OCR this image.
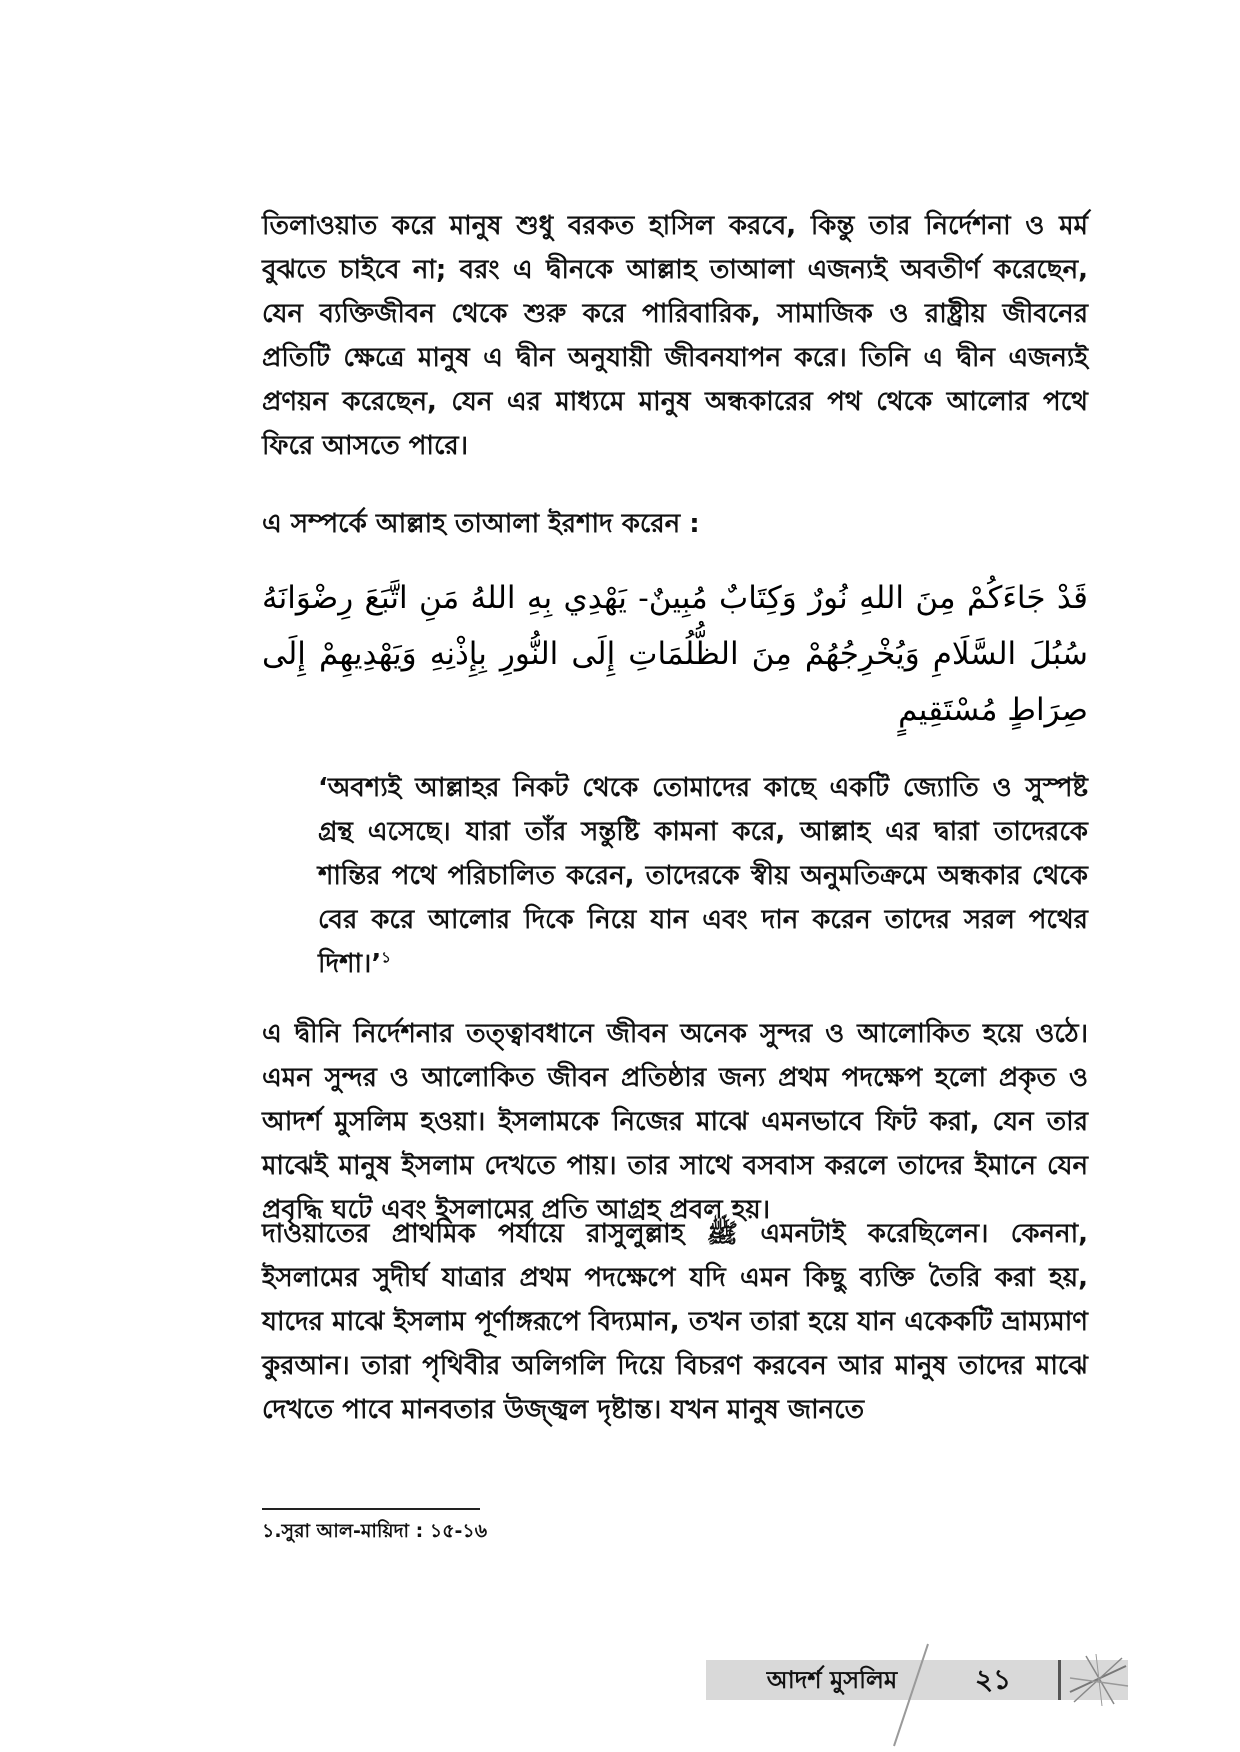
তিলাওয়াত করে মানুষ শুধু বরকত হাসিল করবে, কিন্তু তার নির্দেশনা ও মর্ম বুঝতে চাইবে না; বরং এ দ্বীনকে আল্লাহ তাআলা এজন্যই অবতীর্ণ করেছেন, যেন ব্যক্তিজীবন থেকে শুরু করে পারিবারিক, সামাজিক ও রাষ্ট্রীয় জীবনের প্রতিটি ক্ষেত্রে মানুষ এ দ্বীন অনুযায়ী জীবনযাপন করে। তিনি এ দ্বীন এজন্যই প্রণয়ন করেছেন, যেন এর মাধ্যমে মানুষ অন্ধকারের পথ থেকে আলোর পথে ফিরে আসতে পারে।

এ সম্পর্কে আল্লাহ তাআলা ইরশাদ করেন :

قَدْ جَاءَكُمْ مِنَ اللهِ نُورٌ وَكِتَابٌ مُبِينٌ- يَهْدِي بِهِ اللهُ مَنِ اتَّبَعَ رِضْوَانَهُ سُبُلَ السَّلَامِ وَيُخْرِجُهُمْ مِنَ الظُّلُمَاتِ إِلَى النُّورِ بِإِذْنِهِ وَيَهْدِيهِمْ إِلَى صِرَاطٍ مُسْتَقِيمٍ

‘অবশ্যই আল্লাহর নিকট থেকে তোমাদের কাছে একটি জ্যোতি ও সুস্পষ্ট গ্রন্থ এসেছে। যারা তাঁর সন্তুষ্টি কামনা করে, আল্লাহ এর দ্বারা তাদেরকে শান্তির পথে পরিচালিত করেন, তাদেরকে স্বীয় অনুমতিক্রমে অন্ধকার থেকে বের করে আলোর দিকে নিয়ে যান এবং দান করেন তাদের সরল পথের দিশা।’$^১$

এ দ্বীনি নির্দেশনার তত্ত্বাবধানে জীবন অনেক সুন্দর ও আলোকিত হয়ে ওঠে। এমন সুন্দর ও আলোকিত জীবন প্রতিষ্ঠার জন্য প্রথম পদক্ষেপ হলো প্রকৃত ও আদর্শ মুসলিম হওয়া। ইসলামকে নিজের মাঝে এমনভাবে ফিট করা, যেন তার মাঝেই মানুষ ইসলাম দেখতে পায়। তার সাথে বসবাস করলে তাদের ইমানে যেন প্রবৃদ্ধি ঘটে এবং ইসলামের প্রতি আগ্রহ প্রবল হয়।

দাওয়াতের প্রাথমিক পর্যায়ে রাসুলুল্লাহ ﷺ এমনটাই করেছিলেন। কেননা, ইসলামের সুদীর্ঘ যাত্রার প্রথম পদক্ষেপে যদি এমন কিছু ব্যক্তি তৈরি করা হয়, যাদের মাঝে ইসলাম পূর্ণাঙ্গরূপে বিদ্যমান, তখন তারা হয়ে যান একেকটি ভ্রাম্যমাণ কুরআন। তারা পৃথিবীর অলিগলি দিয়ে বিচরণ করবেন আর মানুষ তাদের মাঝে দেখতে পাবে মানবতার উজ্জ্বল দৃষ্টান্ত। যখন মানুষ জানতে

১.সুরা আল-মায়িদা : ১৫-১৬

আদর্শ মুসলিম	২১
